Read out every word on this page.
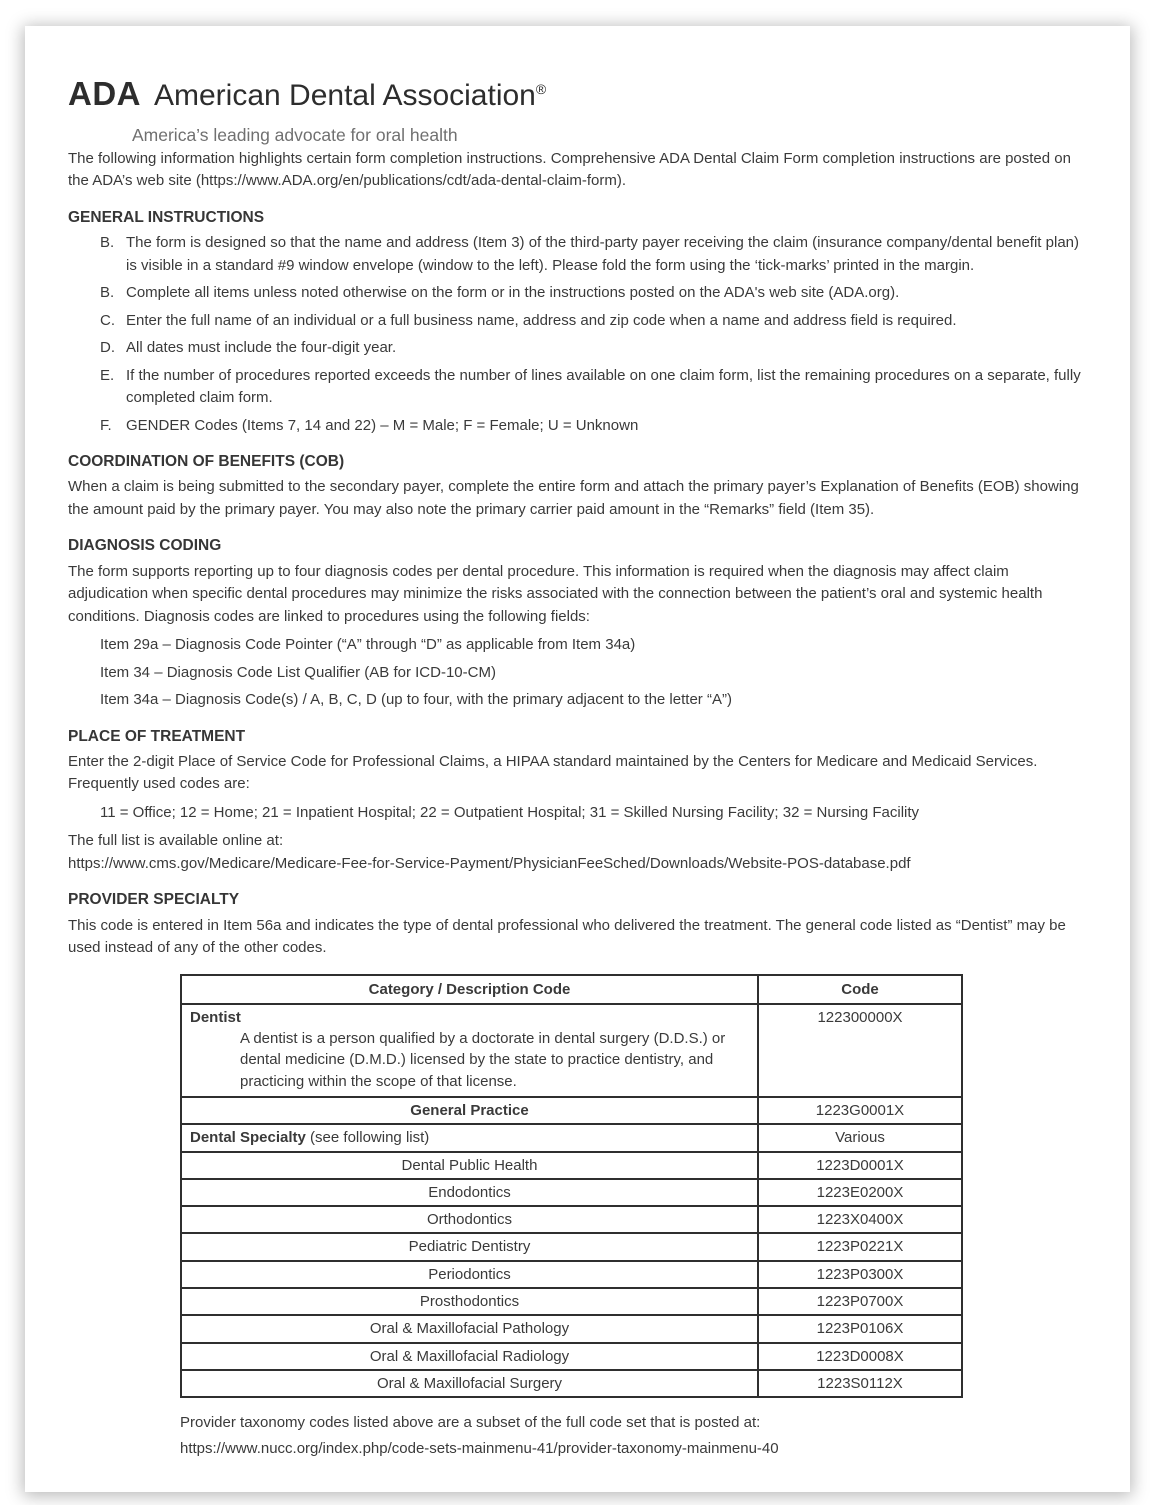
ADA American Dental Association®
America’s leading advocate for oral health

The following information highlights certain form completion instructions. Comprehensive ADA Dental Claim Form completion instructions are posted on the ADA’s web site (https://www.ADA.org/en/publications/cdt/ada-dental-claim-form).

GENERAL INSTRUCTIONS
B. The form is designed so that the name and address (Item 3) of the third-party payer receiving the claim (insurance company/dental benefit plan) is visible in a standard #9 window envelope (window to the left). Please fold the form using the ‘tick-marks’ printed in the margin.
B. Complete all items unless noted otherwise on the form or in the instructions posted on the ADA's web site (ADA.org).
C. Enter the full name of an individual or a full business name, address and zip code when a name and address field is required.
D. All dates must include the four-digit year.
E. If the number of procedures reported exceeds the number of lines available on one claim form, list the remaining procedures on a separate, fully completed claim form.
F. GENDER Codes (Items 7, 14 and 22) – M = Male; F = Female; U = Unknown
COORDINATION OF BENEFITS (COB)

When a claim is being submitted to the secondary payer, complete the entire form and attach the primary payer’s Explanation of Benefits (EOB) showing the amount paid by the primary payer. You may also note the primary carrier paid amount in the “Remarks” field (Item 35).

DIAGNOSIS CODING

The form supports reporting up to four diagnosis codes per dental procedure. This information is required when the diagnosis may affect claim adjudication when specific dental procedures may minimize the risks associated with the connection between the patient’s oral and systemic health conditions. Diagnosis codes are linked to procedures using the following fields:

Item 29a – Diagnosis Code Pointer (“A” through “D” as applicable from Item 34a)
Item 34 – Diagnosis Code List Qualifier (AB for ICD-10-CM)
Item 34a – Diagnosis Code(s) / A, B, C, D (up to four, with the primary adjacent to the letter “A”)
PLACE OF TREATMENT

Enter the 2-digit Place of Service Code for Professional Claims, a HIPAA standard maintained by the Centers for Medicare and Medicaid Services. Frequently used codes are:

11 = Office; 12 = Home; 21 = Inpatient Hospital; 22 = Outpatient Hospital; 31 = Skilled Nursing Facility; 32 = Nursing Facility

The full list is available online at:

https://www.cms.gov/Medicare/Medicare-Fee-for-Service-Payment/PhysicianFeeSched/Downloads/Website-POS-database.pdf

PROVIDER SPECIALTY

This code is entered in Item 56a and indicates the type of dental professional who delivered the treatment. The general code listed as “Dentist” may be used instead of any of the other codes.

Category / Description Code	Code

Dentist
A dentist is a person qualified by a doctorate in dental surgery (D.D.S.) or dental medicine (D.M.D.) licensed by the state to practice dentistry, and practicing within the scope of that license.	122300000X
General Practice	1223G0001X
Dental Specialty (see following list)	Various
Dental Public Health	1223D0001X
Endodontics	1223E0200X
Orthodontics	1223X0400X
Pediatric Dentistry	1223P0221X
Periodontics	1223P0300X
Prosthodontics	1223P0700X
Oral & Maxillofacial Pathology	1223P0106X
Oral & Maxillofacial Radiology	1223D0008X
Oral & Maxillofacial Surgery	1223S0112X
Provider taxonomy codes listed above are a subset of the full code set that is posted at:
https://www.nucc.org/index.php/code-sets-mainmenu-41/provider-taxonomy-mainmenu-40
